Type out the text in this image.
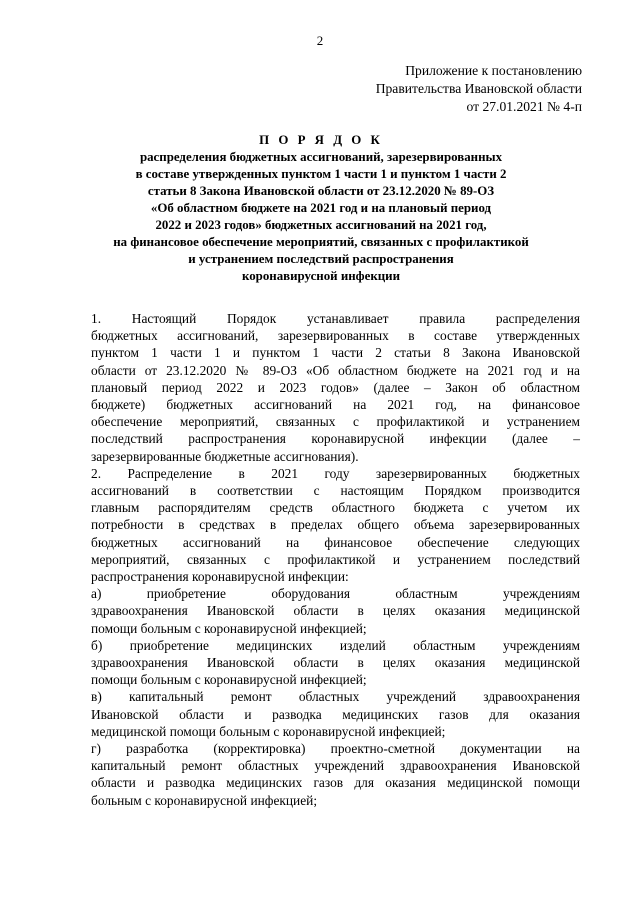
2
Приложение к постановлению
Правительства Ивановской области
от 27.01.2021 № 4-п
П О Р Я Д О К
распределения бюджетных ассигнований, зарезервированных
в составе утвержденных пунктом 1 части 1 и пунктом 1 части 2
статьи 8 Закона Ивановской области от 23.12.2020 № 89-ОЗ
«Об областном бюджете на 2021 год и на плановый период
2022 и 2023 годов» бюджетных ассигнований на 2021 год,
на финансовое обеспечение мероприятий, связанных с профилактикой
и устранением последствий распространения
коронавирусной инфекции

1. Настоящий Порядок устанавливает правила распределения

бюджетных ассигнований, зарезервированных в составе утвержденных

пунктом 1 части 1 и пунктом 1 части 2 статьи 8 Закона Ивановской

области от 23.12.2020 № 89-ОЗ «Об областном бюджете на 2021 год и на

плановый период 2022 и 2023 годов» (далее – Закон об областном

бюджете) бюджетных ассигнований на 2021 год, на финансовое

обеспечение мероприятий, связанных с профилактикой и устранением

последствий распространения коронавирусной инфекции (далее –

зарезервированные бюджетные ассигнования).

2. Распределение в 2021 году зарезервированных бюджетных

ассигнований в соответствии с настоящим Порядком производится

главным распорядителям средств областного бюджета с учетом их

потребности в средствах в пределах общего объема зарезервированных

бюджетных ассигнований на финансовое обеспечение следующих

мероприятий, связанных с профилактикой и устранением последствий

распространения коронавирусной инфекции:

а) приобретение оборудования областным учреждениям

здравоохранения Ивановской области в целях оказания медицинской

помощи больным с коронавирусной инфекцией;

б) приобретение медицинских изделий областным учреждениям

здравоохранения Ивановской области в целях оказания медицинской

помощи больным с коронавирусной инфекцией;

в) капитальный ремонт областных учреждений здравоохранения

Ивановской области и разводка медицинских газов для оказания

медицинской помощи больным с коронавирусной инфекцией;

г) разработка (корректировка) проектно-сметной документации на

капитальный ремонт областных учреждений здравоохранения Ивановской

области и разводка медицинских газов для оказания медицинской помощи

больным с коронавирусной инфекцией;
